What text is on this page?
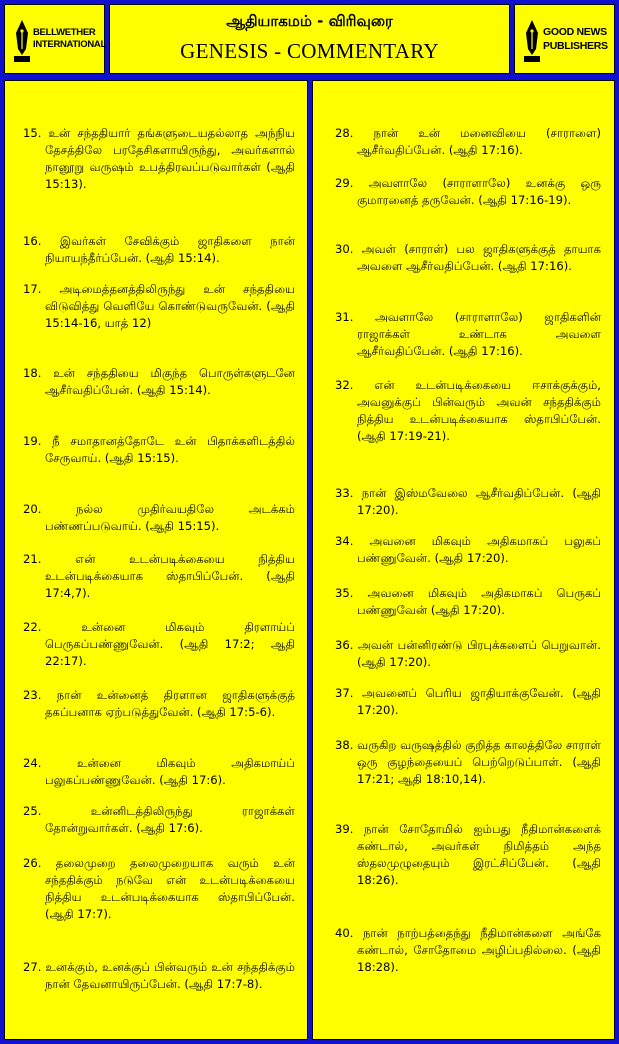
BELLWETHER INTERNATIONAL
ஆதியாகமம் - விரிவுரை
GENESIS - COMMENTARY
GOOD NEWS PUBLISHERS

15. உன் சந்ததியார் தங்களுடையதல்லாத அந்நிய தேசத்திலே பரதேசிகளாயிருந்து, அவர்களால் நானூறு வருஷம் உபத்திரவப்படுவார்கள் (ஆதி 15:13).

16. இவர்கள் சேவிக்கும் ஜாதிகளை நான் நியாயந்தீர்ப்பேன். (ஆதி 15:14).

17. அடிமைத்தனத்திலிருந்து உன் சந்ததியை விடுவித்து வெளியே கொண்டுவருவேன். (ஆதி 15:14-16, யாத் 12)

18. உன் சந்ததியை மிகுந்த பொருள்களுடனே ஆசீர்வதிப்பேன். (ஆதி 15:14).

19. நீ சமாதானத்தோடே உன் பிதாக்களிடத்தில் சேருவாய். (ஆதி 15:15).

20. நல்ல முதிர்வயதிலே அடக்கம் பண்ணப்படுவாய். (ஆதி 15:15).

21. என் உடன்படிக்கையை நித்திய உடன்படிக்கையாக ஸ்தாபிப்பேன். (ஆதி 17:4,7).

22. உன்னை மிகவும் திரளாய்ப் பெருகப்பண்ணுவேன். (ஆதி 17:2; ஆதி 22:17).

23. நான் உன்னைத் திரளான ஜாதிகளுக்குத் தகப்பனாக ஏற்படுத்துவேன். (ஆதி 17:5-6).

24. உன்னை மிகவும் அதிகமாய்ப் பலுகப்பண்ணுவேன். (ஆதி 17:6).

25. உன்னிடத்திலிருந்து ராஜாக்கள் தோன்றுவார்கள். (ஆதி 17:6).

26. தலைமுறை தலைமுறையாக வரும் உன் சந்ததிக்கும் நடுவே என் உடன்படிக்கையை நித்திய உடன்படிக்கையாக ஸ்தாபிப்பேன். (ஆதி 17:7).

27. உனக்கும், உனக்குப் பின்வரும் உன் சந்ததிக்கும் நான் தேவனாயிருப்பேன். (ஆதி 17:7-8).

28. நான் உன் மனைவியை (சாராளை) ஆசீர்வதிப்பேன். (ஆதி 17:16).

29. அவளாலே (சாராளாலே) உனக்கு ஒரு குமாரனைத் தருவேன். (ஆதி 17:16-19).

30. அவள் (சாராள்) பல ஜாதிகளுக்குத் தாயாக அவளை ஆசீர்வதிப்பேன். (ஆதி 17:16).

31. அவளாலே (சாராளாலே) ஜாதிகளின் ராஜாக்கள் உண்டாக அவளை ஆசீர்வதிப்பேன். (ஆதி 17:16).

32. என் உடன்படிக்கையை ஈசாக்குக்கும், அவனுக்குப் பின்வரும் அவன் சந்ததிக்கும் நித்திய உடன்படிக்கையாக ஸ்தாபிப்பேன். (ஆதி 17:19-21).

33. நான் இஸ்மவேலை ஆசீர்வதிப்பேன். (ஆதி 17:20).

34. அவனை மிகவும் அதிகமாகப் பலுகப் பண்ணுவேன். (ஆதி 17:20).

35. அவனை மிகவும் அதிகமாகப் பெருகப் பண்ணுவேன் (ஆதி 17:20).

36. அவன் பன்னிரண்டு பிரபுக்களைப் பெறுவான். (ஆதி 17:20).

37. அவனைப் பெரிய ஜாதியாக்குவேன். (ஆதி 17:20).

38. வருகிற வருஷத்தில் குறித்த காலத்திலே சாராள் ஒரு குழந்தையைப் பெற்றெடுப்பாள். (ஆதி 17:21; ஆதி 18:10,14).

39. நான் சோதோமில் ஐம்பது நீதிமான்களைக் கண்டால், அவர்கள் நிமித்தம் அந்த ஸ்தலமுழுதையும் இரட்சிப்பேன். (ஆதி 18:26).

40. நான் நாற்பத்தைந்து நீதிமான்களை அங்கே கண்டால், சோதோமை அழிப்பதில்லை. (ஆதி 18:28).
